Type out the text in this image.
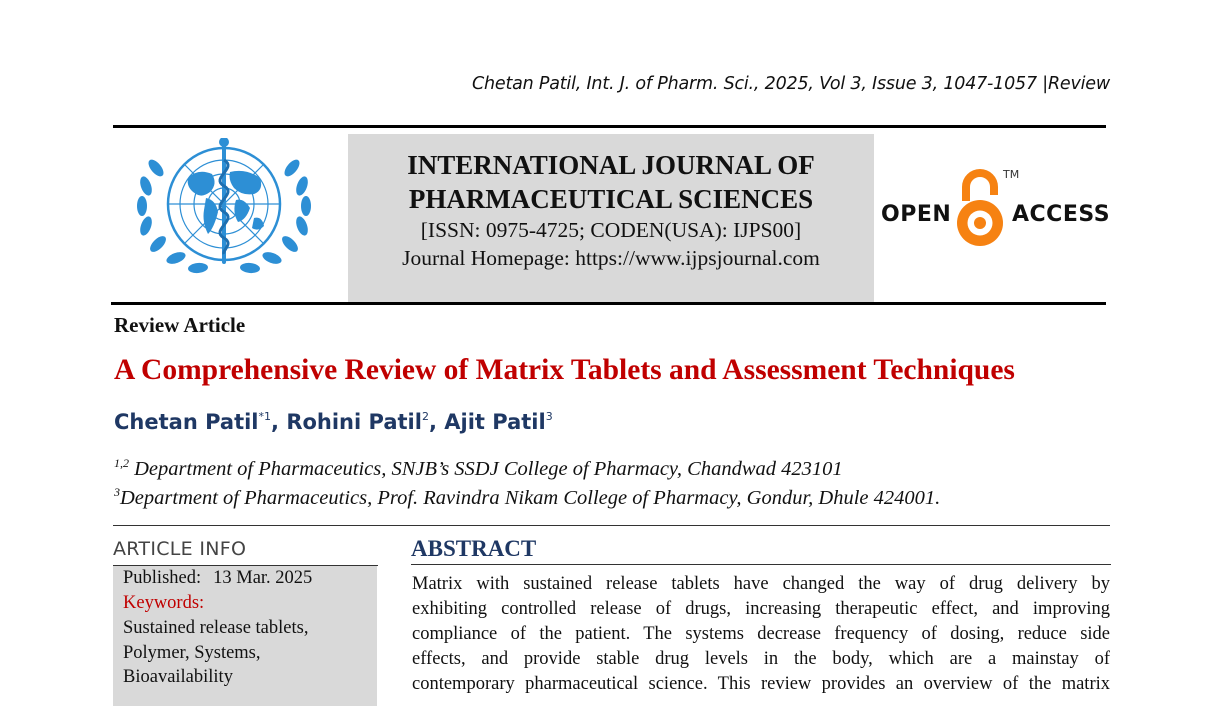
Chetan Patil, Int. J. of Pharm. Sci., 2025, Vol 3, Issue 3, 1047-1057 |Review
INTERNATIONAL JOURNAL OF
PHARMACEUTICAL SCIENCES
[ISSN: 0975-4725; CODEN(USA): IJPS00]
Journal Homepage: https://www.ijpsjournal.com
OPEN
TM
ACCESS
Review Article
A Comprehensive Review of Matrix Tablets and Assessment Techniques
Chetan Patil$^{*1}$, Rohini Patil$^2$, Ajit Patil$^3$
$^{1,2}$ Department of Pharmaceutics, SNJB’s SSDJ College of Pharmacy, Chandwad 423101
$^3$Department of Pharmaceutics, Prof. Ravindra Nikam College of Pharmacy, Gondur, Dhule 424001.
ARTICLE INFO
Published: 13 Mar. 2025
Keywords:
Sustained release tablets,
Polymer, Systems,
Bioavailability
ABSTRACT
Matrix with sustained release tablets have changed the way of drug delivery by
exhibiting controlled release of drugs, increasing therapeutic effect, and improving
compliance of the patient. The systems decrease frequency of dosing, reduce side
effects, and provide stable drug levels in the body, which are a mainstay of
contemporary pharmaceutical science. This review provides an overview of the matrix
